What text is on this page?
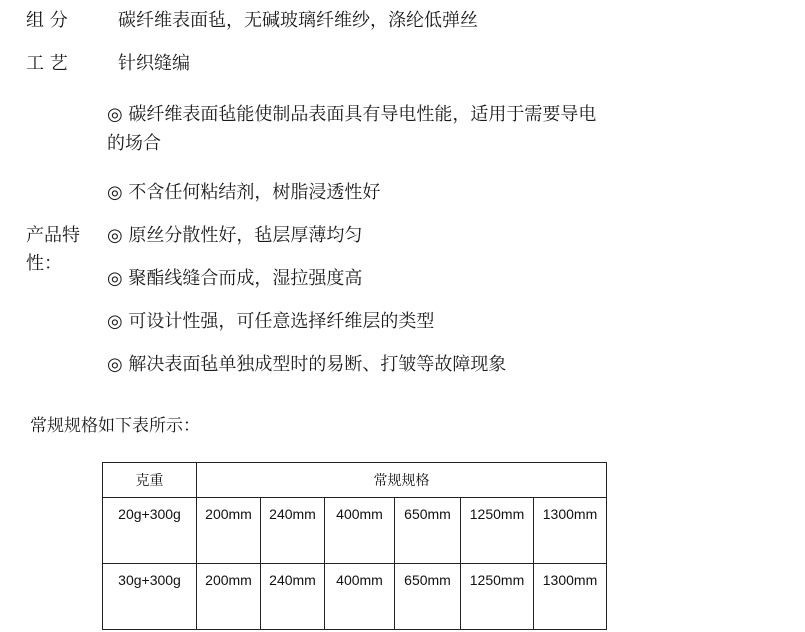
组 分	碳纤维表面毡，无碱玻璃纤维纱，涤纶低弹丝
工 艺	针织缝编
产品特
性：
◎ 碳纤维表面毡能使制品表面具有导电性能，适用于需要导电的场合
◎ 不含任何粘结剂，树脂浸透性好
◎ 原丝分散性好，毡层厚薄均匀
◎ 聚酯线缝合而成，湿拉强度高
◎ 可设计性强，可任意选择纤维层的类型
◎ 解决表面毡单独成型时的易断、打皱等故障现象
常规规格如下表所示：
克重	常规规格					
20g+300g	200mm	240mm	400mm	650mm	1250mm	1300mm
30g+300g	200mm	240mm	400mm	650mm	1250mm	1300mm
